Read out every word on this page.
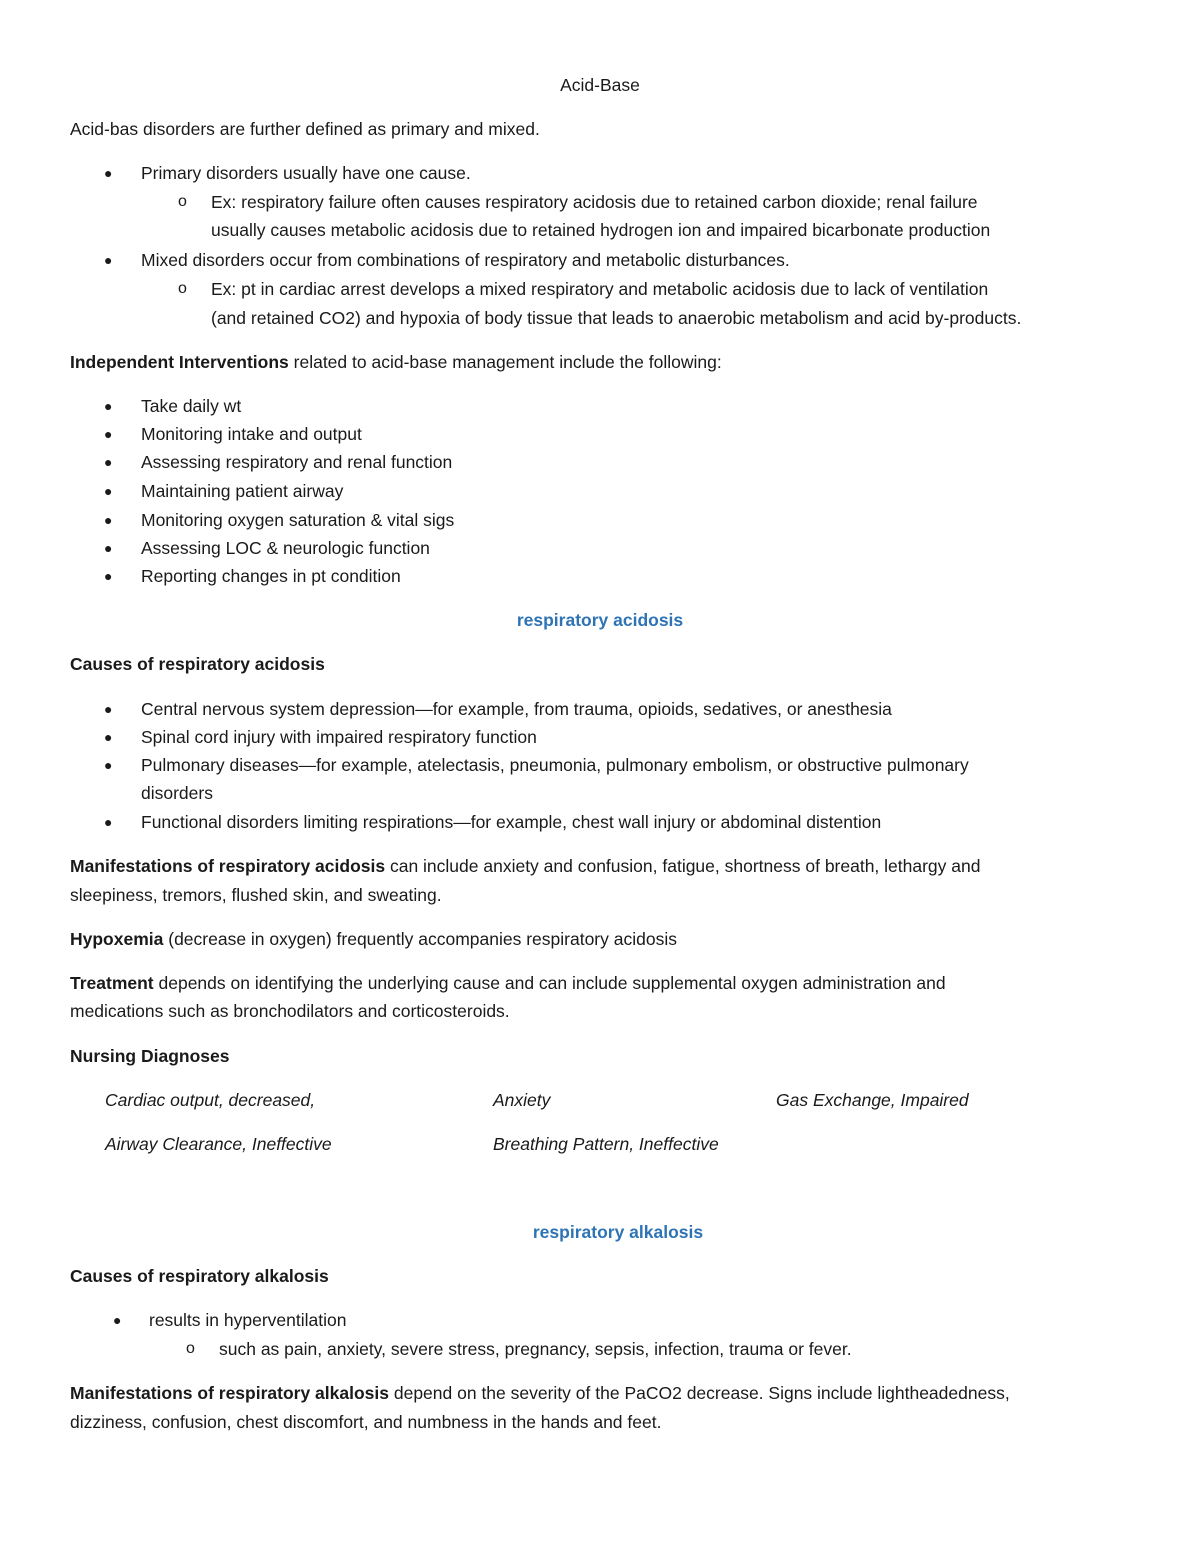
Acid-Base
Acid-bas disorders are further defined as primary and mixed.
● Primary disorders usually have one cause.
o Ex: respiratory failure often causes respiratory acidosis due to retained carbon dioxide; renal failure
usually causes metabolic acidosis due to retained hydrogen ion and impaired bicarbonate production
● Mixed disorders occur from combinations of respiratory and metabolic disturbances.
o Ex: pt in cardiac arrest develops a mixed respiratory and metabolic acidosis due to lack of ventilation
(and retained CO2) and hypoxia of body tissue that leads to anaerobic metabolism and acid by-products.
Independent Interventions related to acid-base management include the following:
● Take daily wt
● Monitoring intake and output
● Assessing respiratory and renal function
● Maintaining patient airway
● Monitoring oxygen saturation & vital sigs
● Assessing LOC & neurologic function
● Reporting changes in pt condition
respiratory acidosis
Causes of respiratory acidosis
● Central nervous system depression—for example, from trauma, opioids, sedatives, or anesthesia
● Spinal cord injury with impaired respiratory function
● Pulmonary diseases—for example, atelectasis, pneumonia, pulmonary embolism, or obstructive pulmonary
disorders
● Functional disorders limiting respirations—for example, chest wall injury or abdominal distention
Manifestations of respiratory acidosis can include anxiety and confusion, fatigue, shortness of breath, lethargy and
sleepiness, tremors, flushed skin, and sweating.
Hypoxemia (decrease in oxygen) frequently accompanies respiratory acidosis
Treatment depends on identifying the underlying cause and can include supplemental oxygen administration and
medications such as bronchodilators and corticosteroids.
Nursing Diagnoses
Cardiac output, decreased,	Anxiety	Gas Exchange, Impaired
Airway Clearance, Ineffective	Breathing Pattern, Ineffective
respiratory alkalosis
Causes of respiratory alkalosis
● results in hyperventilation
o such as pain, anxiety, severe stress, pregnancy, sepsis, infection, trauma or fever.
Manifestations of respiratory alkalosis depend on the severity of the PaCO2 decrease. Signs include lightheadedness,
dizziness, confusion, chest discomfort, and numbness in the hands and feet.
